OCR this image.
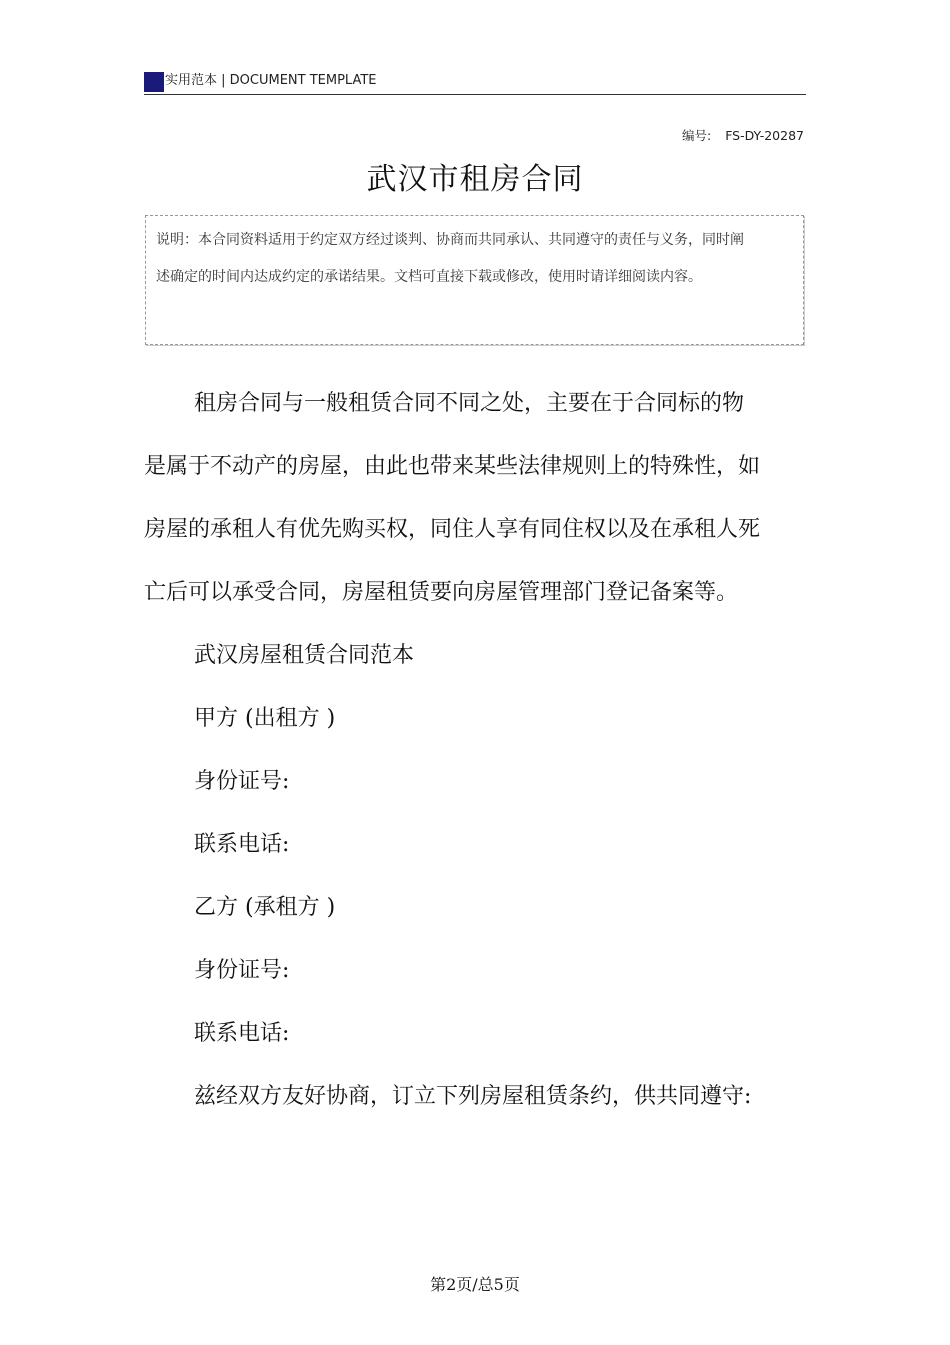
实用范本 | DOCUMENT TEMPLATE
编号: FS-DY-20287
武汉市租房合同

说明：本合同资料适用于约定双方经过谈判、协商而共同承认、共同遵守的责任与义务，同时阐述确定的时间内达成约定的承诺结果。文档可直接下载或修改，使用时请详细阅读内容。

租房合同与一般租赁合同不同之处，主要在于合同标的物是属于不动产的房屋，由此也带来某些法律规则上的特殊性，如房屋的承租人有优先购买权，同住人享有同住权以及在承租人死亡后可以承受合同，房屋租赁要向房屋管理部门登记备案等。

武汉房屋租赁合同范本

甲方 (出租方 )

身份证号:

联系电话:

乙方 (承租方 )

身份证号:

联系电话:

兹经双方友好协商，订立下列房屋租赁条约，供共同遵守:

第2页/总5页
